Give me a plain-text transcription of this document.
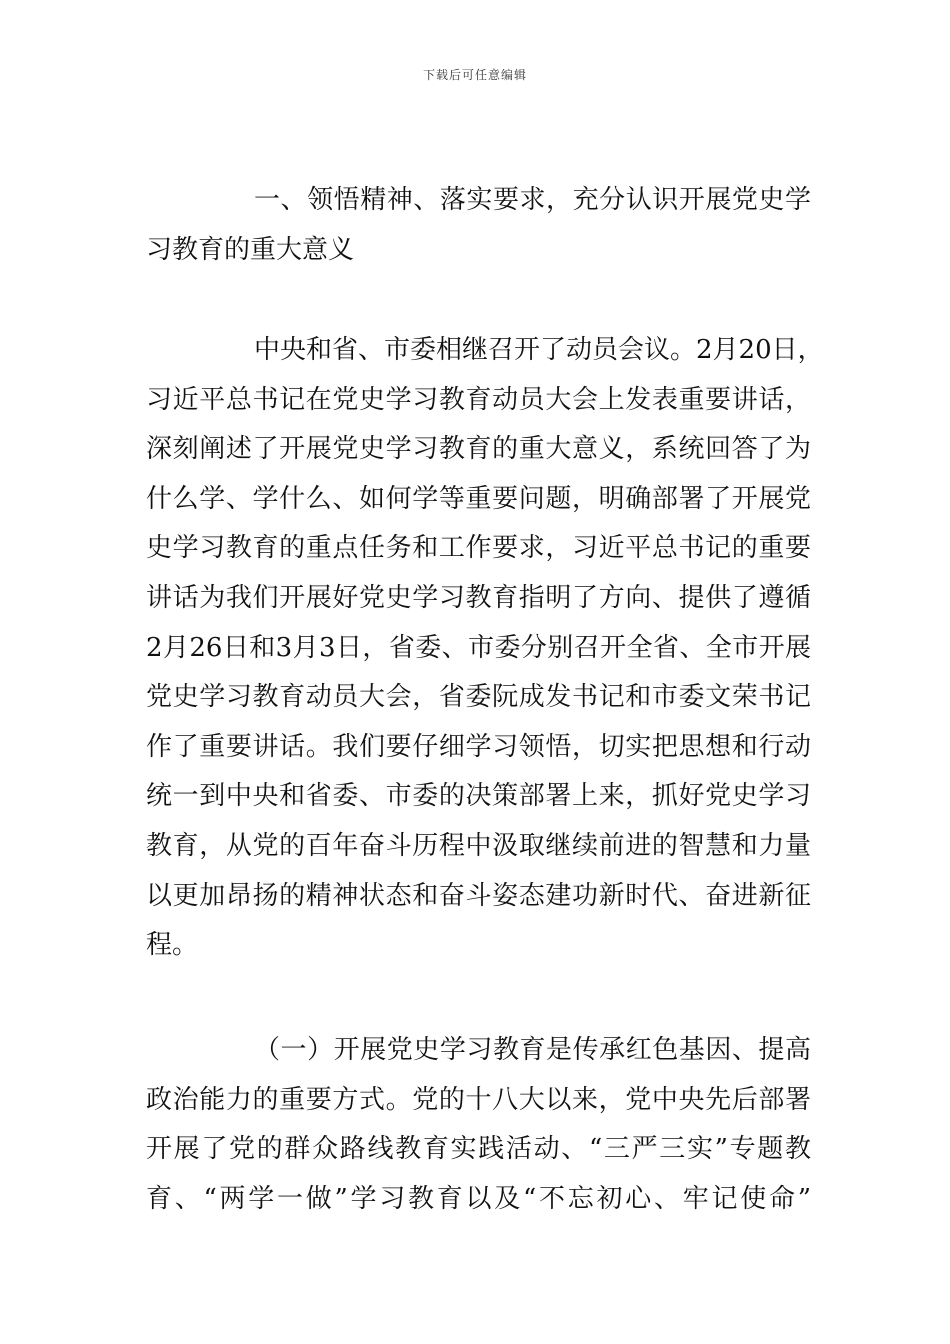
下载后可任意编辑
一、领悟精神、落实要求，充分认识开展党史学
习教育的重大意义
中央和省、市委相继召开了动员会议。2月20日，
习近平总书记在党史学习教育动员大会上发表重要讲话，
深刻阐述了开展党史学习教育的重大意义，系统回答了为
什么学、学什么、如何学等重要问题，明确部署了开展党
史学习教育的重点任务和工作要求，习近平总书记的重要
讲话为我们开展好党史学习教育指明了方向、提供了遵循
2月26日和3月3日，省委、市委分别召开全省、全市开展
党史学习教育动员大会，省委阮成发书记和市委文荣书记
作了重要讲话。我们要仔细学习领悟，切实把思想和行动
统一到中央和省委、市委的决策部署上来，抓好党史学习
教育，从党的百年奋斗历程中汲取继续前进的智慧和力量
以更加昂扬的精神状态和奋斗姿态建功新时代、奋进新征
程。
（一）开展党史学习教育是传承红色基因、提高
政治能力的重要方式。党的十八大以来，党中央先后部署
开展了党的群众路线教育实践活动、“三严三实”专题教
育、“两学一做”学习教育以及“不忘初心、牢记使命”
